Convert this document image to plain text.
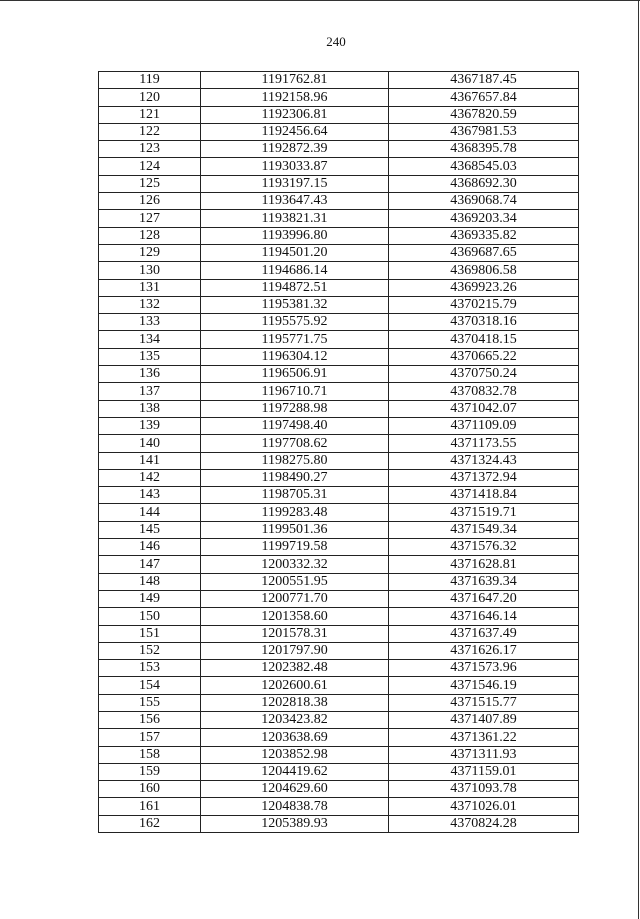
240
119	1191762.81	4367187.45
120	1192158.96	4367657.84
121	1192306.81	4367820.59
122	1192456.64	4367981.53
123	1192872.39	4368395.78
124	1193033.87	4368545.03
125	1193197.15	4368692.30
126	1193647.43	4369068.74
127	1193821.31	4369203.34
128	1193996.80	4369335.82
129	1194501.20	4369687.65
130	1194686.14	4369806.58
131	1194872.51	4369923.26
132	1195381.32	4370215.79
133	1195575.92	4370318.16
134	1195771.75	4370418.15
135	1196304.12	4370665.22
136	1196506.91	4370750.24
137	1196710.71	4370832.78
138	1197288.98	4371042.07
139	1197498.40	4371109.09
140	1197708.62	4371173.55
141	1198275.80	4371324.43
142	1198490.27	4371372.94
143	1198705.31	4371418.84
144	1199283.48	4371519.71
145	1199501.36	4371549.34
146	1199719.58	4371576.32
147	1200332.32	4371628.81
148	1200551.95	4371639.34
149	1200771.70	4371647.20
150	1201358.60	4371646.14
151	1201578.31	4371637.49
152	1201797.90	4371626.17
153	1202382.48	4371573.96
154	1202600.61	4371546.19
155	1202818.38	4371515.77
156	1203423.82	4371407.89
157	1203638.69	4371361.22
158	1203852.98	4371311.93
159	1204419.62	4371159.01
160	1204629.60	4371093.78
161	1204838.78	4371026.01
162	1205389.93	4370824.28
